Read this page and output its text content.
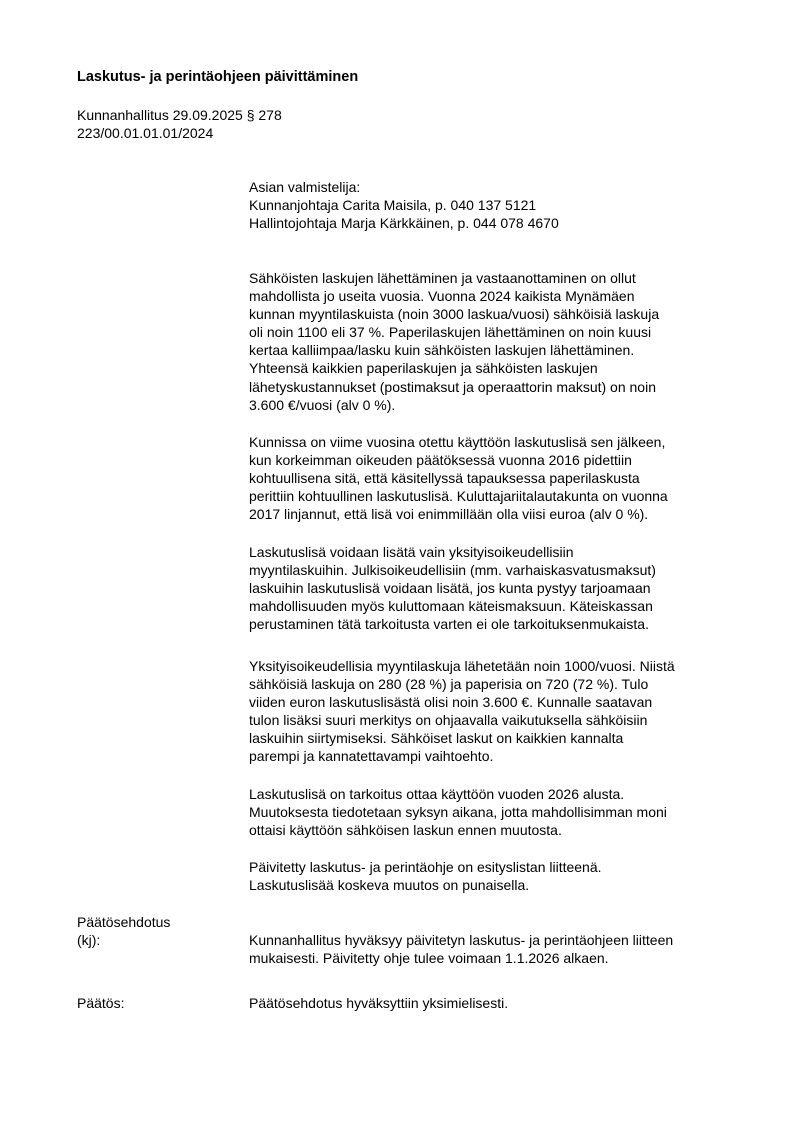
Laskutus- ja perintäohjeen päivittäminen
Kunnanhallitus 29.09.2025 § 278
223/00.01.01.01/2024
Asian valmistelija:
Kunnanjohtaja Carita Maisila, p. 040 137 5121
Hallintojohtaja Marja Kärkkäinen, p. 044 078 4670
Sähköisten laskujen lähettäminen ja vastaanottaminen on ollut
mahdollista jo useita vuosia. Vuonna 2024 kaikista Mynämäen
kunnan myyntilaskuista (noin 3000 laskua/vuosi) sähköisiä laskuja
oli noin 1100 eli 37 %. Paperilaskujen lähettäminen on noin kuusi
kertaa kalliimpaa/lasku kuin sähköisten laskujen lähettäminen.
Yhteensä kaikkien paperilaskujen ja sähköisten laskujen
lähetyskustannukset (postimaksut ja operaattorin maksut) on noin
3.600 €/vuosi (alv 0 %).
Kunnissa on viime vuosina otettu käyttöön laskutuslisä sen jälkeen,
kun korkeimman oikeuden päätöksessä vuonna 2016 pidettiin
kohtuullisena sitä, että käsitellyssä tapauksessa paperilaskusta
perittiin kohtuullinen laskutuslisä. Kuluttajariitalautakunta on vuonna
2017 linjannut, että lisä voi enimmillään olla viisi euroa (alv 0 %).
Laskutuslisä voidaan lisätä vain yksityisoikeudellisiin
myyntilaskuihin. Julkisoikeudellisiin (mm. varhaiskasvatusmaksut)
laskuihin laskutuslisä voidaan lisätä, jos kunta pystyy tarjoamaan
mahdollisuuden myös kuluttomaan käteismaksuun. Käteiskassan
perustaminen tätä tarkoitusta varten ei ole tarkoituksenmukaista.
Yksityisoikeudellisia myyntilaskuja lähetetään noin 1000/vuosi. Niistä
sähköisiä laskuja on 280 (28 %) ja paperisia on 720 (72 %). Tulo
viiden euron laskutuslisästä olisi noin 3.600 €. Kunnalle saatavan
tulon lisäksi suuri merkitys on ohjaavalla vaikutuksella sähköisiin
laskuihin siirtymiseksi. Sähköiset laskut on kaikkien kannalta
parempi ja kannatettavampi vaihtoehto.
Laskutuslisä on tarkoitus ottaa käyttöön vuoden 2026 alusta.
Muutoksesta tiedotetaan syksyn aikana, jotta mahdollisimman moni
ottaisi käyttöön sähköisen laskun ennen muutosta.
Päivitetty laskutus- ja perintäohje on esityslistan liitteenä.
Laskutuslisää koskeva muutos on punaisella.
Päätösehdotus
(kj):	Kunnanhallitus hyväksyy päivitetyn laskutus- ja perintäohjeen liitteen
mukaisesti. Päivitetty ohje tulee voimaan 1.1.2026 alkaen.
Päätös:	Päätösehdotus hyväksyttiin yksimielisesti.
